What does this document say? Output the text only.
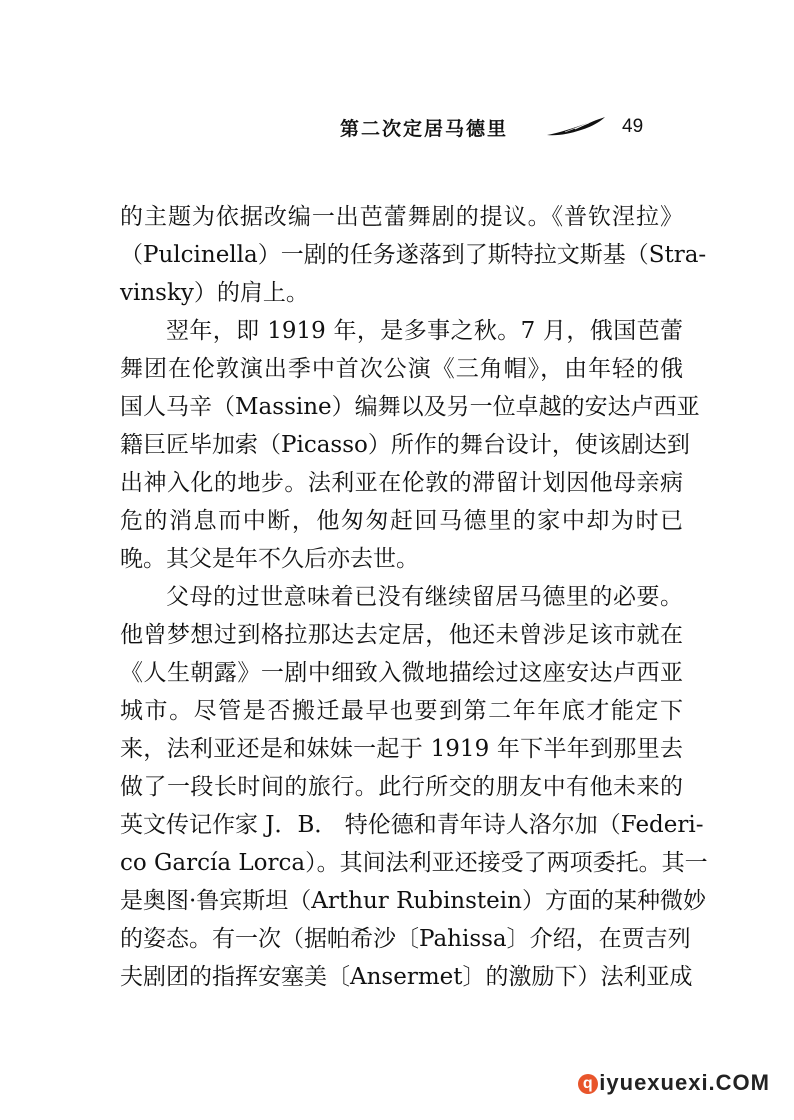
第二次定居马德里	49
的主题为依据改编一出芭蕾舞剧的提议。《普钦涅拉》
（Pulcinella）一剧的任务遂落到了斯特拉文斯基（Stra-
vinsky）的肩上。
翌年，即 1919 年，是多事之秋。7 月，俄国芭蕾
舞团在伦敦演出季中首次公演《三角帽》，由年轻的俄
国人马辛（Massine）编舞以及另一位卓越的安达卢西亚
籍巨匠毕加索（Picasso）所作的舞台设计，使该剧达到
出神入化的地步。法利亚在伦敦的滞留计划因他母亲病
危的消息而中断，他匆匆赶回马德里的家中却为时已
晚。其父是年不久后亦去世。
父母的过世意味着已没有继续留居马德里的必要。
他曾梦想过到格拉那达去定居，他还未曾涉足该市就在
《人生朝露》一剧中细致入微地描绘过这座安达卢西亚
城市。尽管是否搬迁最早也要到第二年年底才能定下
来，法利亚还是和妹妹一起于 1919 年下半年到那里去
做了一段长时间的旅行。此行所交的朋友中有他未来的
英文传记作家 J．B． 特伦德和青年诗人洛尔加（Federi-
co García Lorca）。其间法利亚还接受了两项委托。其一
是奥图·鲁宾斯坦（Arthur Rubinstein）方面的某种微妙
的姿态。有一次（据帕希沙〔Pahissa〕介绍，在贾吉列
夫剧团的指挥安塞美〔Ansermet〕的激励下）法利亚成
q iyuexuexi.COM
